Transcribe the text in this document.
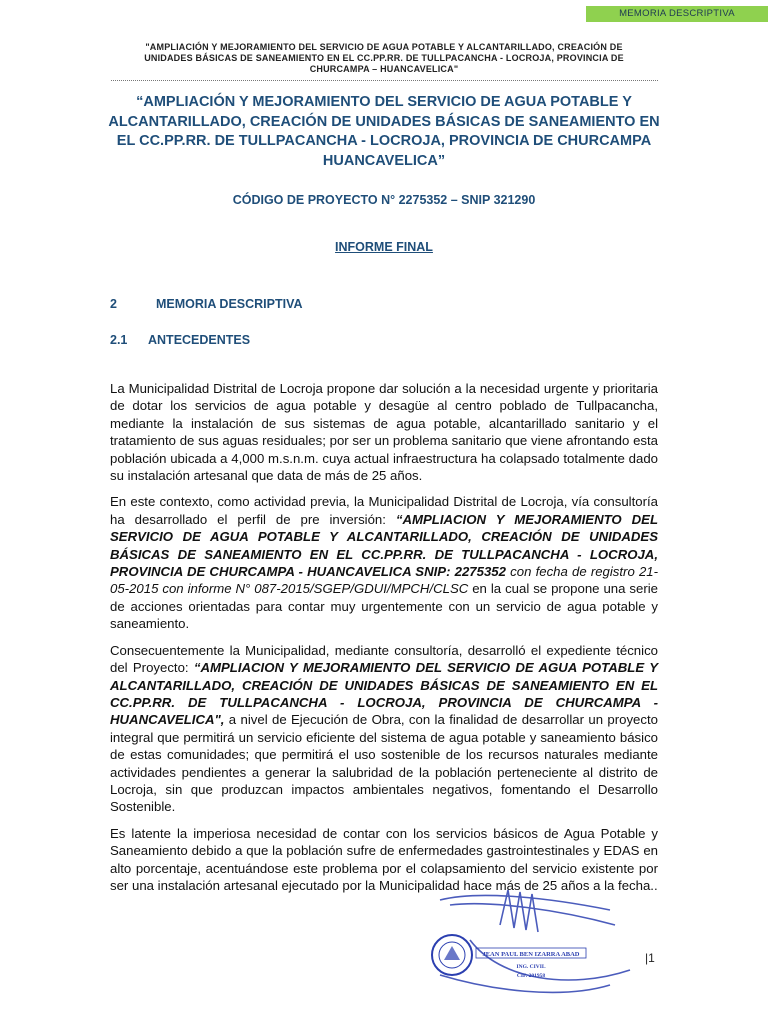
MEMORIA DESCRIPTIVA
"AMPLIACIÓN Y MEJORAMIENTO DEL SERVICIO DE AGUA POTABLE Y ALCANTARILLADO, CREACIÓN DE
UNIDADES BÁSICAS DE SANEAMIENTO EN EL CC.PP.RR. DE TULLPACANCHA - LOCROJA, PROVINCIA DE
CHURCAMPA – HUANCAVELICA"
“AMPLIACIÓN Y MEJORAMIENTO DEL SERVICIO DE AGUA POTABLE Y
ALCANTARILLADO, CREACIÓN DE UNIDADES BÁSICAS DE SANEAMIENTO EN
EL CC.PP.RR. DE TULLPACANCHA - LOCROJA, PROVINCIA DE CHURCAMPA
HUANCAVELICA”
CÓDIGO DE PROYECTO N° 2275352 – SNIP 321290
INFORME FINAL
2	MEMORIA DESCRIPTIVA
2.1 ANTECEDENTES

La Municipalidad Distrital de Locroja propone dar solución a la necesidad urgente y prioritaria de dotar los servicios de agua potable y desagüe al centro poblado de Tullpacancha, mediante la instalación de sus sistemas de agua potable, alcantarillado sanitario y el tratamiento de sus aguas residuales; por ser un problema sanitario que viene afrontando esta población ubicada a 4,000 m.s.n.m. cuya actual infraestructura ha colapsado totalmente dado su instalación artesanal que data de más de 25 años.

En este contexto, como actividad previa, la Municipalidad Distrital de Locroja, vía consultoría ha desarrollado el perfil de pre inversión: “AMPLIACION Y MEJORAMIENTO DEL SERVICIO DE AGUA POTABLE Y ALCANTARILLADO, CREACIÓN DE UNIDADES BÁSICAS DE SANEAMIENTO EN EL CC.PP.RR. DE TULLPACANCHA - LOCROJA, PROVINCIA DE CHURCAMPA - HUANCAVELICA SNIP: 2275352 con fecha de registro 21-05-2015 con informe N° 087-2015/SGEP/GDUI/MPCH/CLSC en la cual se propone una serie de acciones orientadas para contar muy urgentemente con un servicio de agua potable y saneamiento.

Consecuentemente la Municipalidad, mediante consultoría, desarrolló el expediente técnico del Proyecto: “AMPLIACION Y MEJORAMIENTO DEL SERVICIO DE AGUA POTABLE Y ALCANTARILLADO, CREACIÓN DE UNIDADES BÁSICAS DE SANEAMIENTO EN EL CC.PP.RR. DE TULLPACANCHA - LOCROJA, PROVINCIA DE CHURCAMPA - HUANCAVELICA", a nivel de Ejecución de Obra, con la finalidad de desarrollar un proyecto integral que permitirá un servicio eficiente del sistema de agua potable y saneamiento básico de estas comunidades; que permitirá el uso sostenible de los recursos naturales mediante actividades pendientes a generar la salubridad de la población perteneciente al distrito de Locroja, sin que produzcan impactos ambientales negativos, fomentando el Desarrollo Sostenible.

Es latente la imperiosa necesidad de contar con los servicios básicos de Agua Potable y Saneamiento debido a que la población sufre de enfermedades gastrointestinales y EDAS en alto porcentaje, acentuándose este problema por el colapsamiento del servicio existente por ser una instalación artesanal ejecutado por la Municipalidad hace más de 25 años a la fecha..

JEAN PAUL BEN IZARRA ABAD
ING. CIVIL
CIP. 201958
|1
